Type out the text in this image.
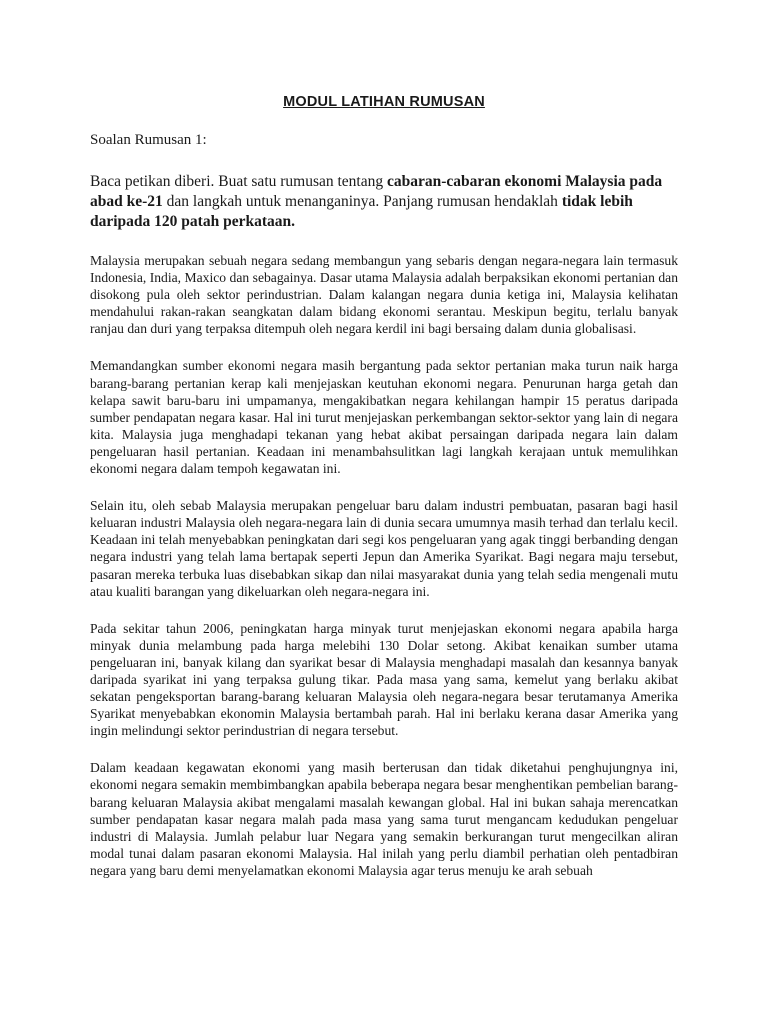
MODUL LATIHAN RUMUSAN
Soalan Rumusan 1:

Baca petikan diberi. Buat satu rumusan tentang cabaran-cabaran ekonomi Malaysia pada abad ke-21 dan langkah untuk menanganinya. Panjang rumusan hendaklah tidak lebih daripada 120 patah perkataan.

Malaysia merupakan sebuah negara sedang membangun yang sebaris dengan negara-negara lain termasuk Indonesia, India, Maxico dan sebagainya. Dasar utama Malaysia adalah berpaksikan ekonomi pertanian dan disokong pula oleh sektor perindustrian. Dalam kalangan negara dunia ketiga ini, Malaysia kelihatan mendahului rakan-rakan seangkatan dalam bidang ekonomi serantau. Meskipun begitu, terlalu banyak ranjau dan duri yang terpaksa ditempuh oleh negara kerdil ini bagi bersaing dalam dunia globalisasi.

Memandangkan sumber ekonomi negara masih bergantung pada sektor pertanian maka turun naik harga barang-barang pertanian kerap kali menjejaskan keutuhan ekonomi negara. Penurunan harga getah dan kelapa sawit baru-baru ini umpamanya, mengakibatkan negara kehilangan hampir 15 peratus daripada sumber pendapatan negara kasar. Hal ini turut menjejaskan perkembangan sektor-sektor yang lain di negara kita. Malaysia juga menghadapi tekanan yang hebat akibat persaingan daripada negara lain dalam pengeluaran hasil pertanian. Keadaan ini menambahsulitkan lagi langkah kerajaan untuk memulihkan ekonomi negara dalam tempoh kegawatan ini.

Selain itu, oleh sebab Malaysia merupakan pengeluar baru dalam industri pembuatan, pasaran bagi hasil keluaran industri Malaysia oleh negara-negara lain di dunia secara umumnya masih terhad dan terlalu kecil. Keadaan ini telah menyebabkan peningkatan dari segi kos pengeluaran yang agak tinggi berbanding dengan negara industri yang telah lama bertapak seperti Jepun dan Amerika Syarikat. Bagi negara maju tersebut, pasaran mereka terbuka luas disebabkan sikap dan nilai masyarakat dunia yang telah sedia mengenali mutu atau kualiti barangan yang dikeluarkan oleh negara-negara ini.

Pada sekitar tahun 2006, peningkatan harga minyak turut menjejaskan ekonomi negara apabila harga minyak dunia melambung pada harga melebihi 130 Dolar setong. Akibat kenaikan sumber utama pengeluaran ini, banyak kilang dan syarikat besar di Malaysia menghadapi masalah dan kesannya banyak daripada syarikat ini yang terpaksa gulung tikar. Pada masa yang sama, kemelut yang berlaku akibat sekatan pengeksportan barang-barang keluaran Malaysia oleh negara-negara besar terutamanya Amerika Syarikat menyebabkan ekonomin Malaysia bertambah parah. Hal ini berlaku kerana dasar Amerika yang ingin melindungi sektor perindustrian di negara tersebut.

Dalam keadaan kegawatan ekonomi yang masih berterusan dan tidak diketahui penghujungnya ini, ekonomi negara semakin membimbangkan apabila beberapa negara besar menghentikan pembelian barang-barang keluaran Malaysia akibat mengalami masalah kewangan global. Hal ini bukan sahaja merencatkan sumber pendapatan kasar negara malah pada masa yang sama turut mengancam kedudukan pengeluar industri di Malaysia. Jumlah pelabur luar Negara yang semakin berkurangan turut mengecilkan aliran modal tunai dalam pasaran ekonomi Malaysia. Hal inilah yang perlu diambil perhatian oleh pentadbiran negara yang baru demi menyelamatkan ekonomi Malaysia agar terus menuju ke arah sebuah
